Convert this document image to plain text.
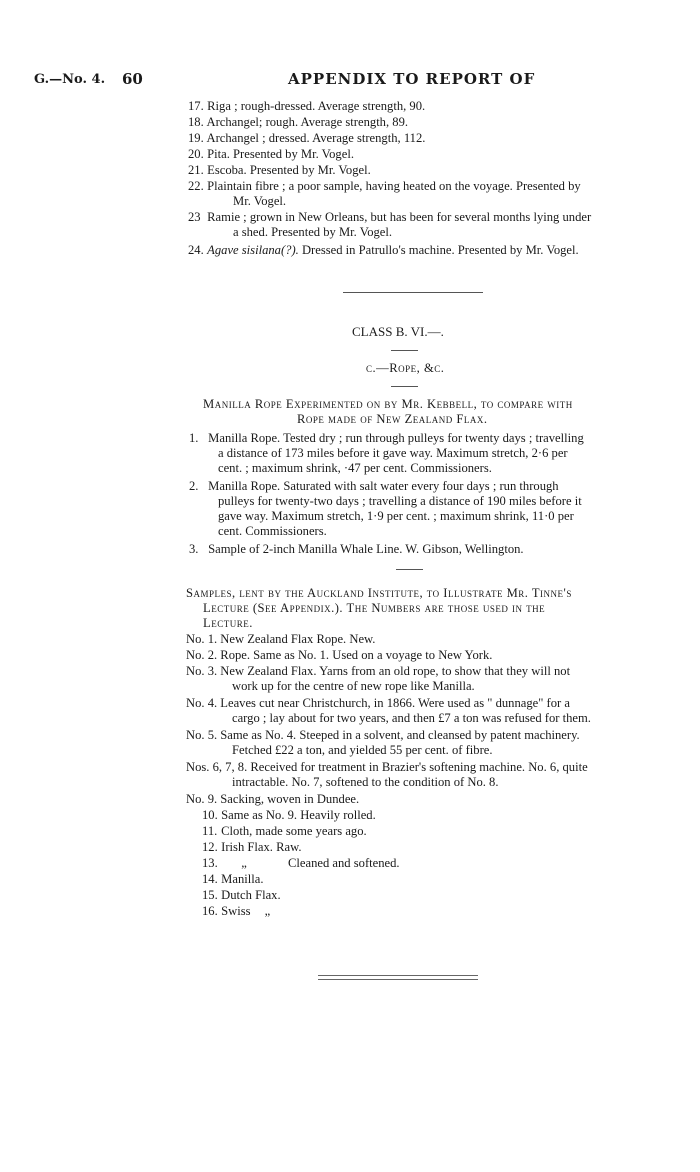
G.—No. 4. 60	APPENDIX TO REPORT OF
17. Riga ; rough-dressed. Average strength, 90.
18. Archangel; rough. Average strength, 89.
19. Archangel ; dressed. Average strength, 112.
20. Pita. Presented by Mr. Vogel.
21. Escoba. Presented by Mr. Vogel.
22. Plaintain fibre ; a poor sample, having heated on the voyage. Presented by
Mr. Vogel.
23 Ramie ; grown in New Orleans, but has been for several months lying under
a shed. Presented by Mr. Vogel.
24. Agave sisilana(?). Dressed in Patrullo's machine. Presented by Mr. Vogel.
CLASS B. VI.—.
c.—Rope, &c.
Manilla Rope Experimented on by Mr. Kebbell, to compare with
Rope made of New Zealand Flax.
1. Manilla Rope. Tested dry ; run through pulleys for twenty days ; travelling
a distance of 173 miles before it gave way. Maximum stretch, 2·6 per
cent. ; maximum shrink, ·47 per cent. Commissioners.
2. Manilla Rope. Saturated with salt water every four days ; run through
pulleys for twenty-two days ; travelling a distance of 190 miles before it
gave way. Maximum stretch, 1·9 per cent. ; maximum shrink, 11·0 per
cent. Commissioners.
3. Sample of 2-inch Manilla Whale Line. W. Gibson, Wellington.
Samples, lent by the Auckland Institute, to Illustrate Mr. Tinne's
Lecture (See Appendix.). The Numbers are those used in the
Lecture.
No. 1. New Zealand Flax Rope. New.
No. 2. Rope. Same as No. 1. Used on a voyage to New York.
No. 3. New Zealand Flax. Yarns from an old rope, to show that they will not
work up for the centre of new rope like Manilla.
No. 4. Leaves cut near Christchurch, in 1866. Were used as " dunnage" for a
cargo ; lay about for two years, and then £7 a ton was refused for them.
No. 5. Same as No. 4. Steeped in a solvent, and cleansed by patent machinery.
Fetched £22 a ton, and yielded 55 per cent. of fibre.
Nos. 6, 7, 8. Received for treatment in Brazier's softening machine. No. 6, quite
intractable. No. 7, softened to the condition of No. 8.
No. 9. Sacking, woven in Dundee.
10. Same as No. 9. Heavily rolled.
11. Cloth, made some years ago.
12. Irish Flax. Raw.
13. „	Cleaned and softened.
14. Manilla.
15. Dutch Flax.
16. Swiss „
